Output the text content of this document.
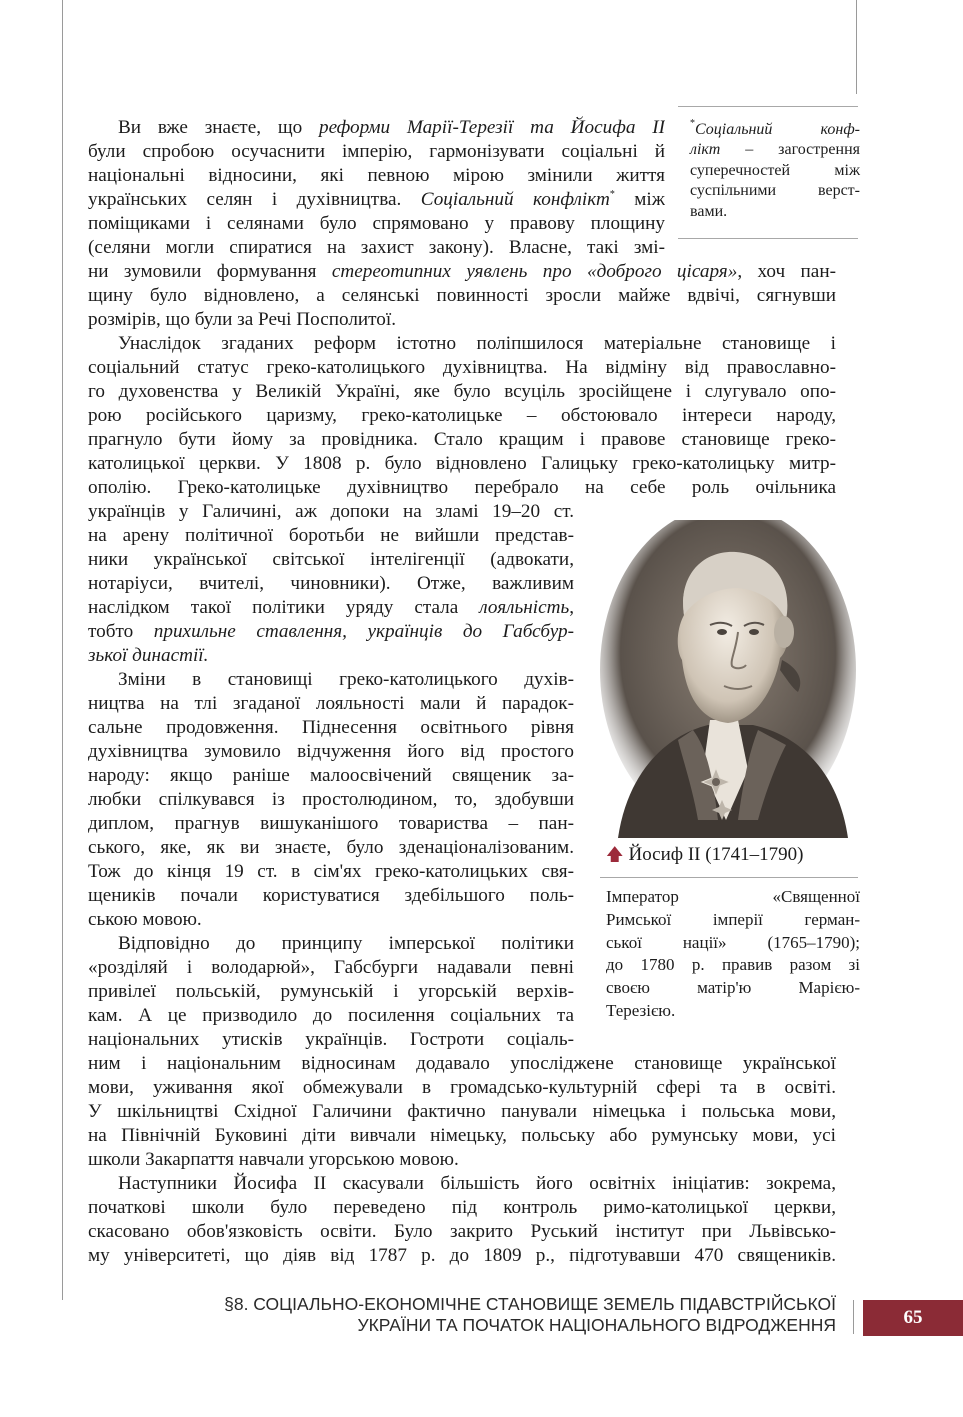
Ви вже знаєте, що реформи Марії-Терезії та Йосифа II
були спробою осучаснити імперію, гармонізувати соціальні й
національні відносини, які певною мірою змінили життя
українських селян і духівництва. Соціальний конфлікт* між
поміщиками і селянами було спрямовано у правову площину
(селяни могли спиратися на захист закону). Власне, такі змі-
ни зумовили формування стереотипних уявлень про «доброго цісаря», хоч пан-
щину було відновлено, а селянські повинності зросли майже вдвічі, сягнувши
розмірів, що були за Речі Посполитої.
*Соціальний конф-
лікт – загострення
суперечностей між
суспільними верст-
вами.
Унаслідок згаданих реформ істотно поліпшилося матеріальне становище і
соціальний статус греко-католицького духівництва. На відміну від православно-
го духовенства у Великій Україні, яке було всуціль зросійщене і слугувало опо-
рою російського царизму, греко-католицьке – обстоювало інтереси народу,
прагнуло бути йому за провідника. Стало кращим і правове становище греко-
католицької церкви. У 1808 р. було відновлено Галицьку греко-католицьку митр-
ополію. Греко-католицьке духівництво перебрало на себе роль очільника
українців у Галичині, аж допоки на зламі 19–20 ст.
на арену політичної боротьби не вийшли представ-
ники української світської інтелігенції (адвокати,
нотаріуси, вчителі, чиновники). Отже, важливим
наслідком такої політики уряду стала лояльність,
тобто прихильне ставлення, українців до Габсбур-
зької династії.
Зміни в становищі греко-католицького духів-
ництва на тлі згаданої лояльності мали й парадок-
сальне продовження. Піднесення освітнього рівня
духівництва зумовило відчуження його від простого
народу: якщо раніше малоосвічений священик за-
любки спілкувався із простолюдином, то, здобувши
диплом, прагнув вишуканішого товариства – пан-
ського, яке, як ви знаєте, було зденаціоналізованим.
Тож до кінця 19 ст. в сім'ях греко-католицьких свя-
щеників почали користуватися здебільшого поль-
ською мовою.
Відповідно до принципу імперської політики
«розділяй і володарюй», Габсбурги надавали певні
привілеї польській, румунській і угорській верхів-
кам. А це призводило до посилення соціальних та
національних утисків українців. Гостроти соціаль-
ним і національним відносинам додавало упосліджене становище української
мови, уживання якої обмежували в громадсько-культурній сфері та в освіті.
У шкільництві Східної Галичини фактично панували німецька і польська мови,
на Північній Буковині діти вивчали німецьку, польську або румунську мови, усі
школи Закарпаття навчали угорською мовою.
Наступники Йосифа II скасували більшість його освітніх ініціатив: зокрема,
початкові школи було переведено під контроль римо-католицької церкви,
скасовано обов'язковість освіти. Було закрито Руський інститут при Львівсько-
му університеті, що діяв від 1787 р. до 1809 р., підготувавши 470 священиків.
🡅 Йосиф II (1741–1790)
Імператор «Священної
Римської імперії герман-
ської нації» (1765–1790);
до 1780 р. правив разом зі
своєю матір'ю Марією-
Терезією.
§8. СОЦІАЛЬНО-ЕКОНОМІЧНЕ СТАНОВИЩЕ ЗЕМЕЛЬ ПІДАВСТРІЙСЬКОЇ
УКРАЇНИ ТА ПОЧАТОК НАЦІОНАЛЬНОГО ВІДРОДЖЕННЯ	65
